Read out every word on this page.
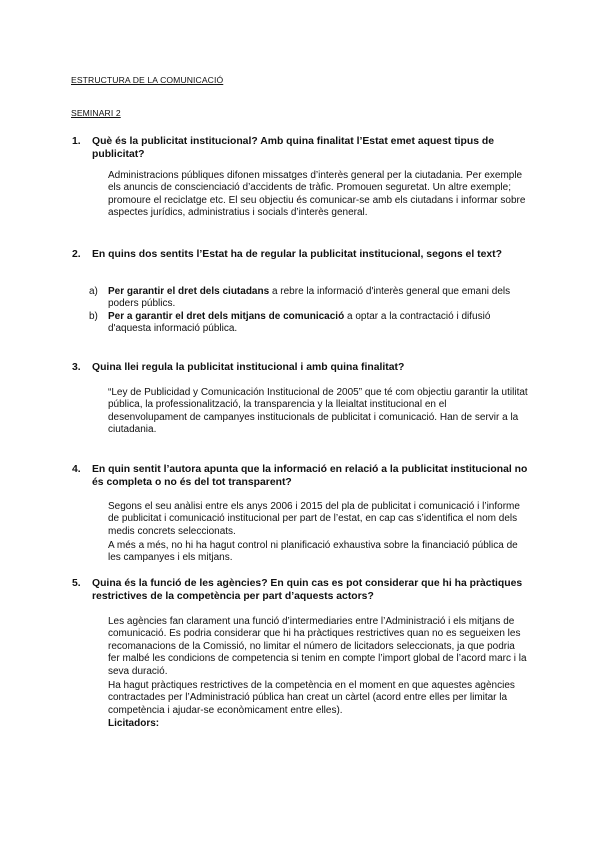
ESTRUCTURA DE LA COMUNICACIÓ
SEMINARI 2
1. Què és la publicitat institucional? Amb quina finalitat l’Estat emet aquest tipus de publicitat?
Administracions públiques difonen missatges d’interès general per la ciutadania. Per exemple els anuncis de conscienciació d’accidents de tràfic. Promouen seguretat. Un altre exemple; promoure el reciclatge etc. El seu objectiu és comunicar-se amb els ciutadans i informar sobre aspectes jurídics, administratius i socials d’interès general.
2. En quins dos sentits l’Estat ha de regular la publicitat institucional, segons el text?
a) Per garantir el dret dels ciutadans a rebre la informació d'interès general que emani dels poders públics.
b) Per a garantir el dret dels mitjans de comunicació a optar a la contractació i difusió d'aquesta informació pública.
3. Quina llei regula la publicitat institucional i amb quina finalitat?
“Ley de Publicidad y Comunicación Institucional de 2005” que té com objectiu garantir la utilitat pública, la professionalització, la transparencia y la lleialtat institucional en el desenvolupament de campanyes institucionals de publicitat i comunicació. Han de servir a la ciutadania.
4. En quin sentit l’autora apunta que la informació en relació a la publicitat institucional no és completa o no és del tot transparent?
Segons el seu anàlisi entre els anys 2006 i 2015 del pla de publicitat i comunicació i l’informe de publicitat i comunicació institucional per part de l’estat, en cap cas s’identifica el nom dels medis concrets seleccionats.
A més a més, no hi ha hagut control ni planificació exhaustiva sobre la financiació pública de les campanyes i els mitjans.
5. Quina és la funció de les agències? En quin cas es pot considerar que hi ha pràctiques restrictives de la competència per part d’aquests actors?
Les agències fan clarament una funció d’intermediaries entre l’Administració i els mitjans de comunicació. Es podria considerar que hi ha pràctiques restrictives quan no es segueixen les recomanacions de la Comissió, no limitar el número de licitadors seleccionats, ja que podria fer malbé les condicions de competencia si tenim en compte l’import global de l’acord marc i la seva duració.
Ha hagut pràctiques restrictives de la competència en el moment en que aquestes agències contractades per l’Administració pública han creat un càrtel (acord entre elles per limitar la competència i ajudar-se econòmicament entre elles).
Licitadors:
